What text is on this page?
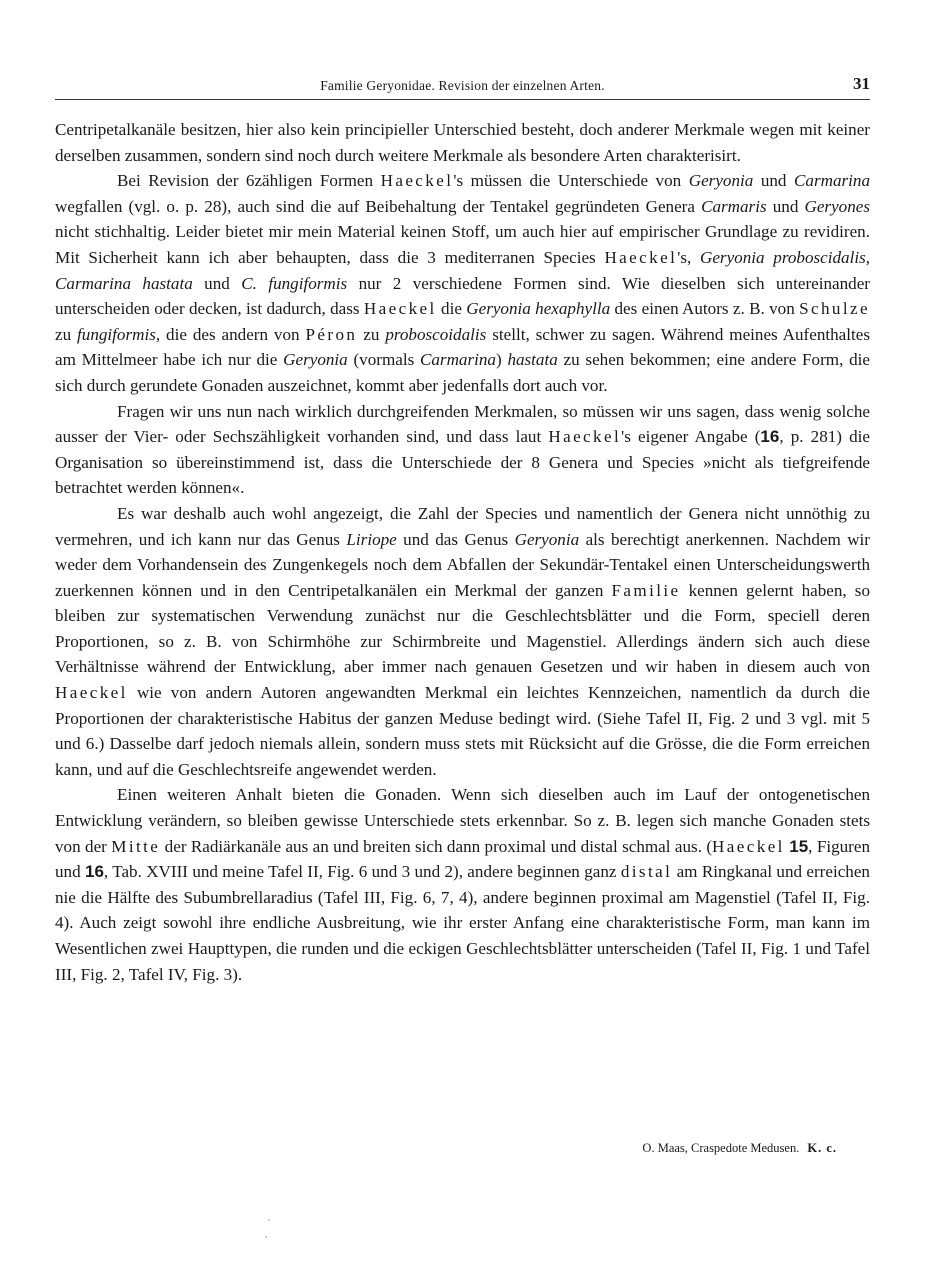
Familie Geryonidae. Revision der einzelnen Arten.	31

Centripetalkanäle besitzen, hier also kein principieller Unterschied besteht, doch anderer Merkmale wegen mit keiner derselben zusammen, sondern sind noch durch weitere Merkmale als besondere Arten charakterisirt.

Bei Revision der 6zähligen Formen Haeckel's müssen die Unterschiede von Geryonia und Carmarina wegfallen (vgl. o. p. 28), auch sind die auf Beibehaltung der Tentakel gegründeten Genera Carmaris und Geryones nicht stichhaltig. Leider bietet mir mein Material keinen Stoff, um auch hier auf empirischer Grundlage zu revidiren. Mit Sicherheit kann ich aber behaupten, dass die 3 mediterranen Species Haeckel's, Geryonia proboscidalis, Carmarina hastata und C. fungiformis nur 2 verschiedene Formen sind. Wie dieselben sich untereinander unterscheiden oder decken, ist dadurch, dass Haeckel die Geryonia hexaphylla des einen Autors z. B. von Schulze zu fungiformis, die des andern von Péron zu proboscoidalis stellt, schwer zu sagen. Während meines Aufenthaltes am Mittelmeer habe ich nur die Geryonia (vormals Carmarina) hastata zu sehen bekommen; eine andere Form, die sich durch gerundete Gonaden auszeichnet, kommt aber jedenfalls dort auch vor.

Fragen wir uns nun nach wirklich durchgreifenden Merkmalen, so müssen wir uns sagen, dass wenig solche ausser der Vier- oder Sechszähligkeit vorhanden sind, und dass laut Haeckel's eigener Angabe (16, p. 281) die Organisation so übereinstimmend ist, dass die Unterschiede der 8 Genera und Species »nicht als tiefgreifende betrachtet werden können«.

Es war deshalb auch wohl angezeigt, die Zahl der Species und namentlich der Genera nicht unnöthig zu vermehren, und ich kann nur das Genus Liriope und das Genus Geryonia als berechtigt anerkennen. Nachdem wir weder dem Vorhandensein des Zungenkegels noch dem Abfallen der Sekundär-Tentakel einen Unterscheidungswerth zuerkennen können und in den Centripetalkanälen ein Merkmal der ganzen Familie kennen gelernt haben, so bleiben zur systematischen Verwendung zunächst nur die Geschlechtsblätter und die Form, speciell deren Proportionen, so z. B. von Schirmhöhe zur Schirmbreite und Magenstiel. Allerdings ändern sich auch diese Verhältnisse während der Entwicklung, aber immer nach genauen Gesetzen und wir haben in diesem auch von Haeckel wie von andern Autoren angewandten Merkmal ein leichtes Kennzeichen, namentlich da durch die Proportionen der charakteristische Habitus der ganzen Meduse bedingt wird. (Siehe Tafel II, Fig. 2 und 3 vgl. mit 5 und 6.) Dasselbe darf jedoch niemals allein, sondern muss stets mit Rücksicht auf die Grösse, die die Form erreichen kann, und auf die Geschlechtsreife angewendet werden.

Einen weiteren Anhalt bieten die Gonaden. Wenn sich dieselben auch im Lauf der ontogenetischen Entwicklung verändern, so bleiben gewisse Unterschiede stets erkennbar. So z. B. legen sich manche Gonaden stets von der Mitte der Radiärkanäle aus an und breiten sich dann proximal und distal schmal aus. (Haeckel 15, Figuren und 16, Tab. XVIII und meine Tafel II, Fig. 6 und 3 und 2), andere beginnen ganz distal am Ringkanal und erreichen nie die Hälfte des Subumbrellaradius (Tafel III, Fig. 6, 7, 4), andere beginnen proximal am Magenstiel (Tafel II, Fig. 4). Auch zeigt sowohl ihre endliche Ausbreitung, wie ihr erster Anfang eine charakteristische Form, man kann im Wesentlichen zwei Haupttypen, die runden und die eckigen Geschlechtsblätter unterscheiden (Tafel II, Fig. 1 und Tafel III, Fig. 2, Tafel IV, Fig. 3).

O. Maas, Craspedote Medusen. K. c.
